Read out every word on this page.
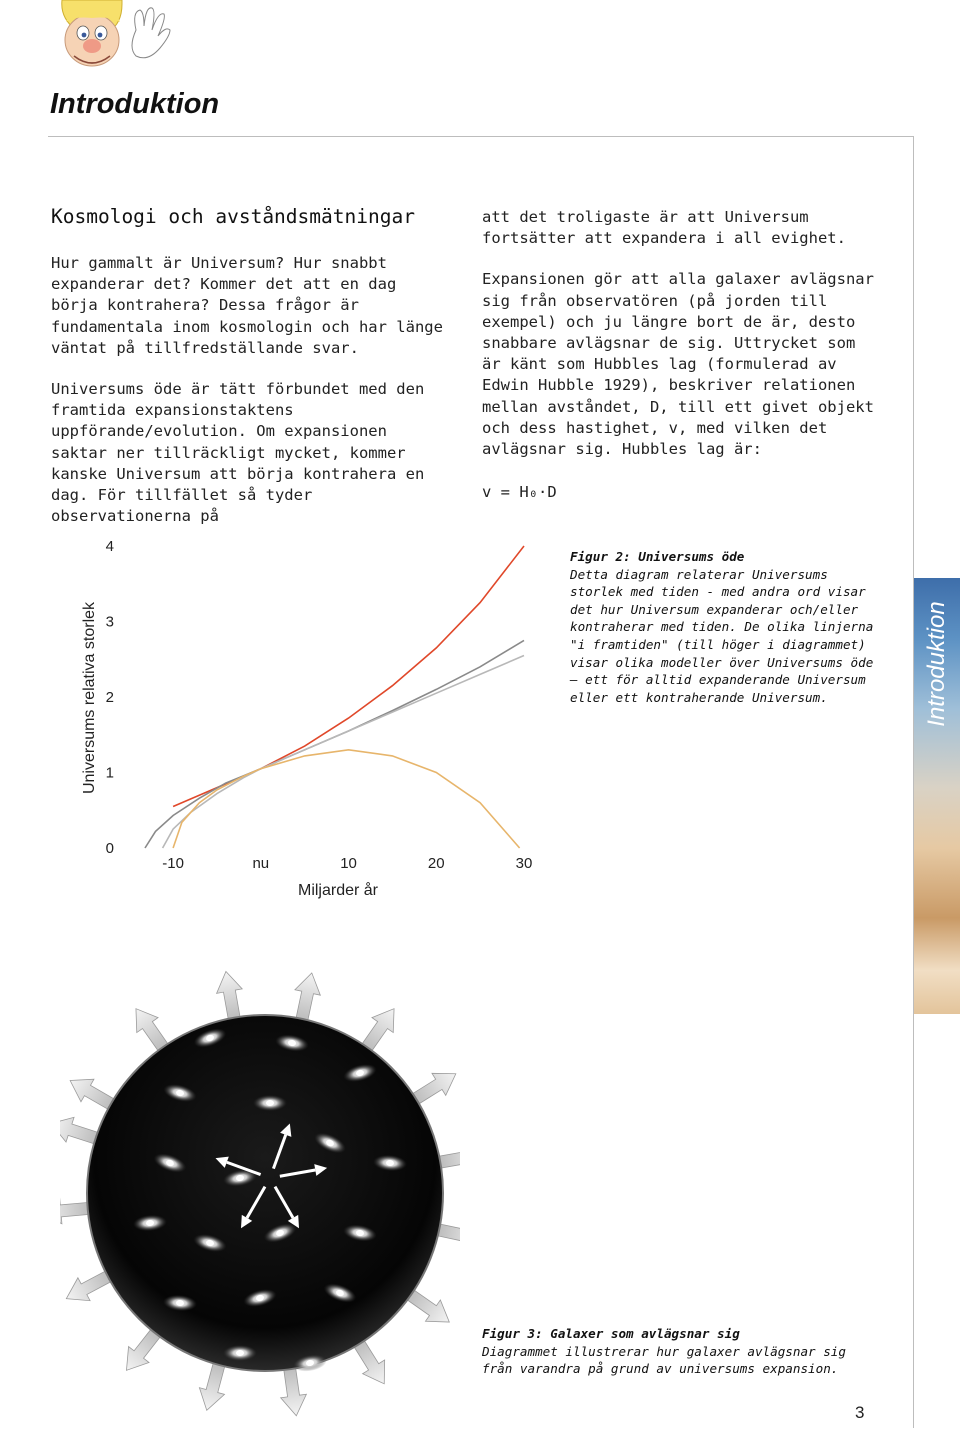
Introduktion
Kosmologi och avståndsmätningar

Hur gammalt är Universum? Hur snabbt expanderar det? Kommer det att en dag börja kontrahera? Dessa frågor är fundamentala inom kosmologin och har länge väntat på tillfredställande svar.

Universums öde är tätt förbundet med den framtida expansionstaktens uppförande/evolution. Om expansionen saktar ner tillräckligt mycket, kommer kanske Universum att börja kontrahera en dag. För tillfället så tyder observationerna på

att det troligaste är att Universum fortsätter att expandera i all evighet.

Expansionen gör att alla galaxer avlägsnar sig från observatören (på jorden till exempel) och ju längre bort de är, desto snabbare avlägsnar de sig. Uttrycket som är känt som Hubbles lag (formulerad av Edwin Hubble 1929), beskriver relationen mellan avståndet, D, till ett givet objekt och dess hastighet, v, med vilken det avlägsnar sig. Hubbles lag är:

v = H₀·D

0
1
2
3
4
-10	nu	10	20	30
Miljarder år
Universums relativa storlek
Figur 2: Universums öde
Detta diagram relaterar Universums storlek med tiden - med andra ord visar det hur Universum expanderar och/eller kontraherar med tiden. De olika linjerna "i framtiden" (till höger i diagrammet) visar olika modeller över Universums öde – ett för alltid expanderande Universum eller ett kontraherande Universum.	Introduktion
Figur 3: Galaxer som avlägsnar sig
Diagrammet illustrerar hur galaxer avlägsnar sig från varandra på grund av universums expansion.
3
